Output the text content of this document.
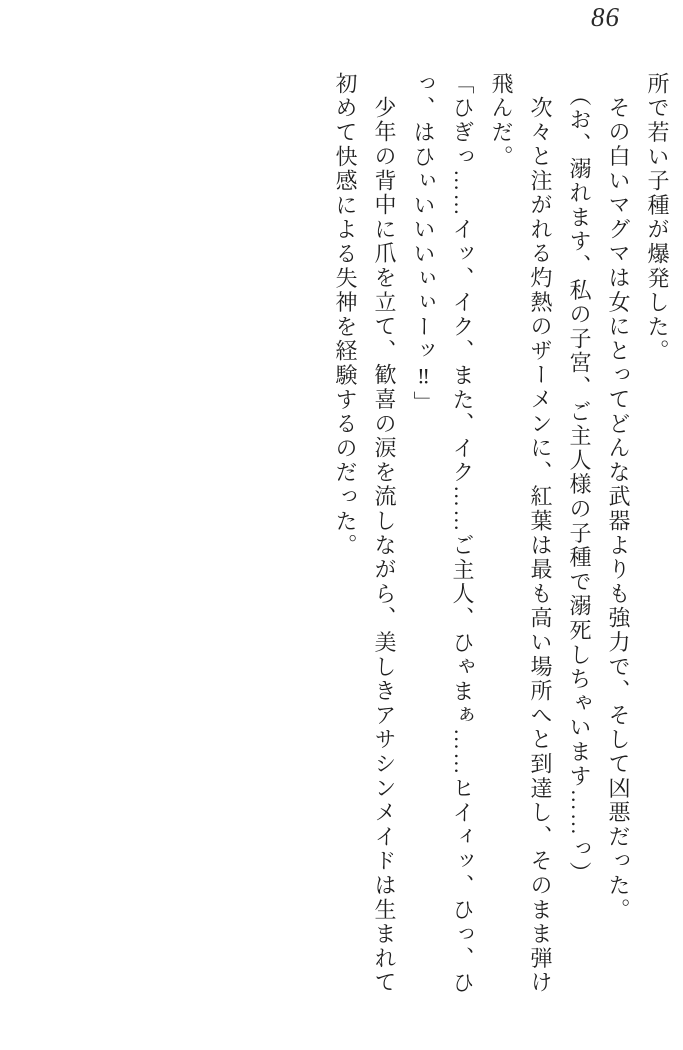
86
所で若い子種が爆発した。
その白いマグマは女にとってどんな武器よりも強力で、そして凶悪だった。
（お、溺れます、私の子宮、ご主人様の子種で溺死しちゃいます……っ）
次々と注がれる灼熱のザーメンに、紅葉は最も高い場所へと到達し、そのまま弾け
飛んだ。
「ひぎっ……イッ、イク、また、イク……ご主人、ひゃまぁ……ヒイィッ、ひっ、ひ
っ、はひぃいいいぃぃーッ‼」
少年の背中に爪を立て、歓喜の涙を流しながら、美しきアサシンメイドは生まれて
初めて快感による失神を経験するのだった。
